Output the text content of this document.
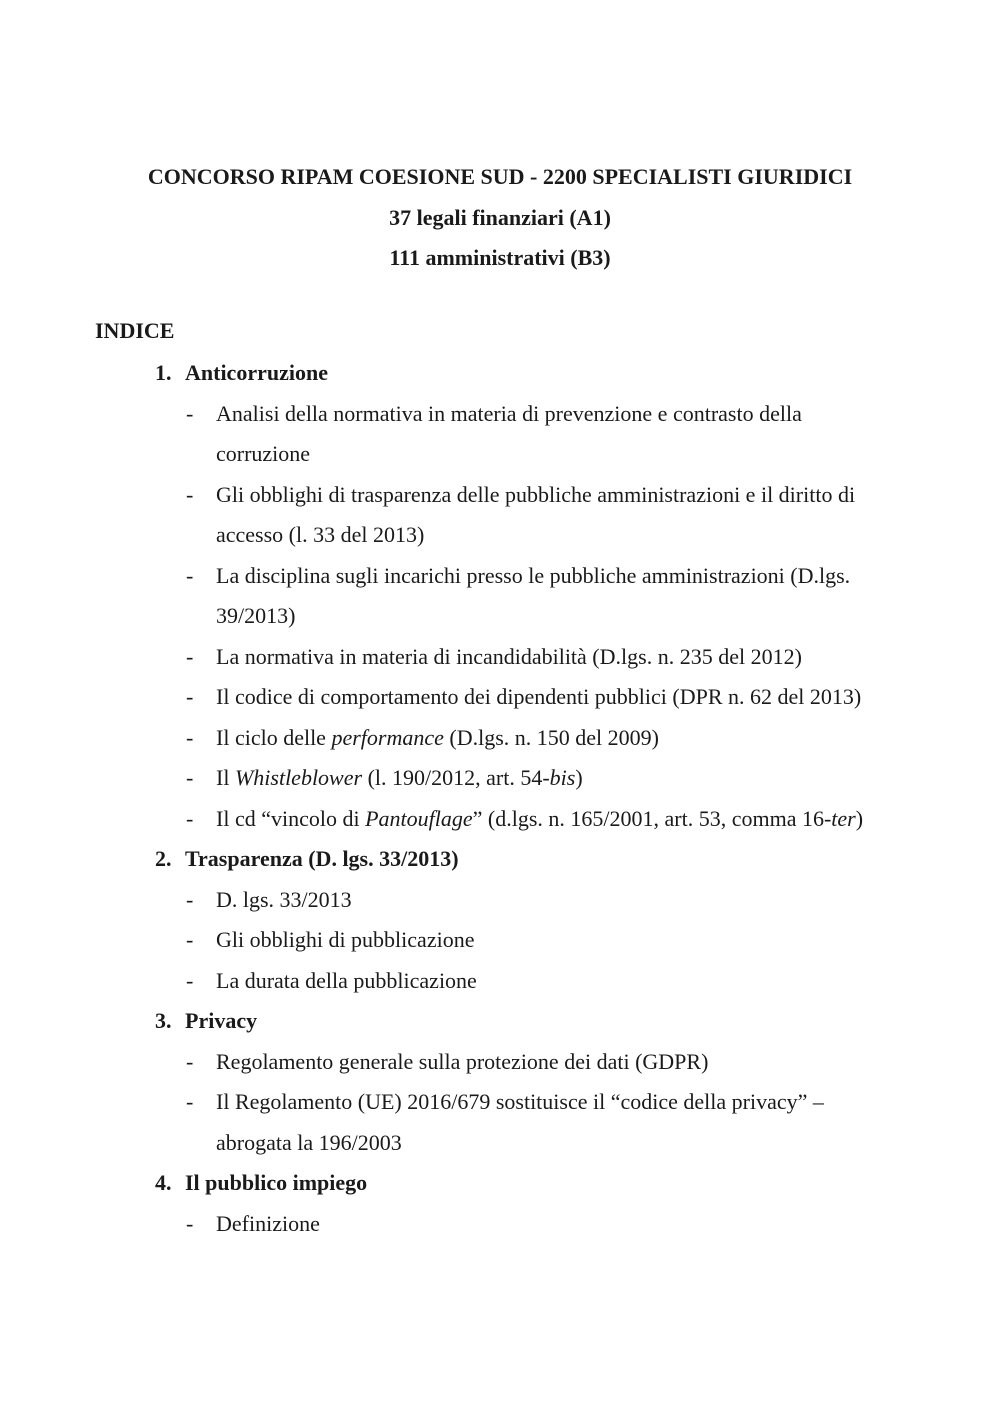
CONCORSO RIPAM COESIONE SUD - 2200 SPECIALISTI GIURIDICI
37 legali finanziari (A1)
111 amministrativi (B3)
INDICE
1. Anticorruzione
- Analisi della normativa in materia di prevenzione e contrasto della corruzione
- Gli obblighi di trasparenza delle pubbliche amministrazioni e il diritto di accesso (l. 33 del 2013)
- La disciplina sugli incarichi presso le pubbliche amministrazioni (D.lgs. 39/2013)
- La normativa in materia di incandidabilità (D.lgs. n. 235 del 2012)
- Il codice di comportamento dei dipendenti pubblici (DPR n. 62 del 2013)
- Il ciclo delle performance (D.lgs. n. 150 del 2009)
- Il Whistleblower (l. 190/2012, art. 54-bis)
- Il cd “vincolo di Pantouflage” (d.lgs. n. 165/2001, art. 53, comma 16-ter)
2. Trasparenza (D. lgs. 33/2013)
- D. lgs. 33/2013
- Gli obblighi di pubblicazione
- La durata della pubblicazione
3. Privacy
- Regolamento generale sulla protezione dei dati (GDPR)
- Il Regolamento (UE) 2016/679 sostituisce il “codice della privacy” – abrogata la 196/2003
4. Il pubblico impiego
- Definizione
